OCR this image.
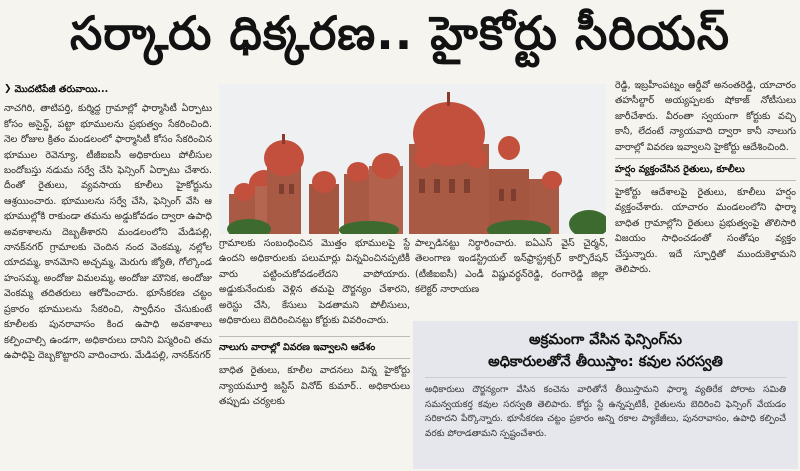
సర్కారు ధిక్కరణ.. హైకోర్టు సీరియస్
❯ మొదటిపేజీ తరువాయి...

నాచగిరి, తాటిపర్తి, కుర్మిద్ద గ్రామాల్లో ఫార్మాసిటీ ఏర్పాటు కోసం అసైన్డ్, పట్టా భూములను ప్రభుత్వం సేకరించింది. నెల రోజుల క్రితం మండలంలో ఫార్మాసిటీ కోసం సేకరించిన భూముల రెవెన్యూ, టీజీఐఐసీ అధికారులు పోలీసుల బందోబస్తు నడుమ సర్వే చేసి ఫెన్సింగ్ ఏర్పాటు చేశారు. దీంతో రైతులు, వ్యవసాయ కూలీలు హైకోర్టును ఆశ్రయించారు. భూములను సర్వే చేసి, ఫెన్సింగ్ వేసి ఆ భూముల్లోకి రాకుండా తమను అడ్డుకోవడం ద్వారా ఉపాధి అవకాశాలను దెబ్బతీశారని మండలంలోని మేడిపల్లి, నానక్‌నగర్ గ్రామాలకు చెందిన నంద వెంకమ్మ, నల్లోల యాదమ్మ, కానమోని అచ్చమ్మ, మెరుగు జ్యోతి, గోల్కొండ హంసమ్మ, అందోజు విమలమ్మ, అందోజు మౌనిక, అందోజు వెంకమ్మ తదితరులు ఆరోపించారు. భూసేకరణ చట్టం ప్రకారం భూములను సేకరించి, స్వాధీనం చేసుకుంటే కూలీలకు పునరావాసం కింద ఉపాధి అవకాశాలు కల్పించాల్సి ఉండగా, అధికారులు దానిని విస్మరించి తమ ఉపాధిపై దెబ్బకొట్టారని వాదించారు. మేడిపల్లి, నానక్‌నగర్

గ్రామాలకు సంబంధించిన మొత్తం భూములపై స్టే ఉందని అధికారులకు పలుమార్లు విన్నవించినప్పటికీ వారు పట్టించుకోవడంలేదని వాపోయారు. అడ్డుకునేందుకు వెళ్లిన తమపై దౌర్జన్యం చేశారని, అరెస్టు చేసి, కేసులు పెడతామని పోలీసులు, అధికారులు బెదిరించినట్టు కోర్టుకు వివరించారు.

నాలుగు వారాల్లో వివరణ ఇవ్వాలని ఆదేశం

బాధిత రైతులు, కూలీల వాదనలు విన్న హైకోర్టు న్యాయమూర్తి జస్టిస్ వినోద్ కుమార్.. అధికారులు తప్పుడు చర్యలకు

పాల్పడినట్టు నిర్ధారించారు. ఐఏఎస్ వైస్ చైర్మన్, తెలంగాణ ఇండస్ట్రియల్ ఇన్‌ఫ్రాస్ట్రక్చర్ కార్పొరేషన్ (టీజీఐఐసీ) ఎండీ విష్ణువర్ధన్‌రెడ్డి, రంగారెడ్డి జిల్లా కలెక్టర్ నారాయణ

రెడ్డి, ఇబ్రహీంపట్నం ఆర్డీవో అనంతరెడ్డి, యాచారం తహసీల్దార్ అయ్యప్పలకు షోకాజ్ నోటీసులు జారీచేశారు. వీరంతా స్వయంగా కోర్టుకు వచ్చి కానీ, లేదంటే న్యాయవాది ద్వారా కానీ నాలుగు వారాల్లో వివరణ ఇవ్వాలని హైకోర్టు ఆదేశించింది.

హర్షం వ్యక్తంచేసిన రైతులు, కూలీలు

హైకోర్టు ఆదేశాలపై రైతులు, కూలీలు హర్షం వ్యక్తంచేశారు. యాచారం మండలంలోని ఫార్మా బాధిత గ్రామాల్లోని రైతులు ప్రభుత్వంపై తొలిసారి విజయం సాధించడంతో సంతోషం వ్యక్తం చేస్తున్నారు. ఇదే స్ఫూర్తితో ముందుకెళ్తామని తెలిపారు.

అక్రమంగా వేసిన ఫెన్సింగ్‌ను
అధికారులతోనే తీయిస్తాం: కవుల సరస్వతి

అధికారులు దౌర్జన్యంగా వేసిన కంచెను వారితోనే తీయిస్తామని ఫార్మా వ్యతిరేక పోరాట సమితి సమన్వయకర్త కవుల సరస్వతి తెలిపారు. కోర్టు స్టే ఉన్నప్పటికీ, రైతులను బెదిరించి ఫెన్సింగ్ వేయడం సరికాదని పేర్కొన్నారు. భూసేకరణ చట్టం ప్రకారం అన్ని రకాల ప్యాకేజీలు, పునరావాసం, ఉపాధి కల్పించే వరకు పోరాడతామని స్పష్టంచేశారు.
